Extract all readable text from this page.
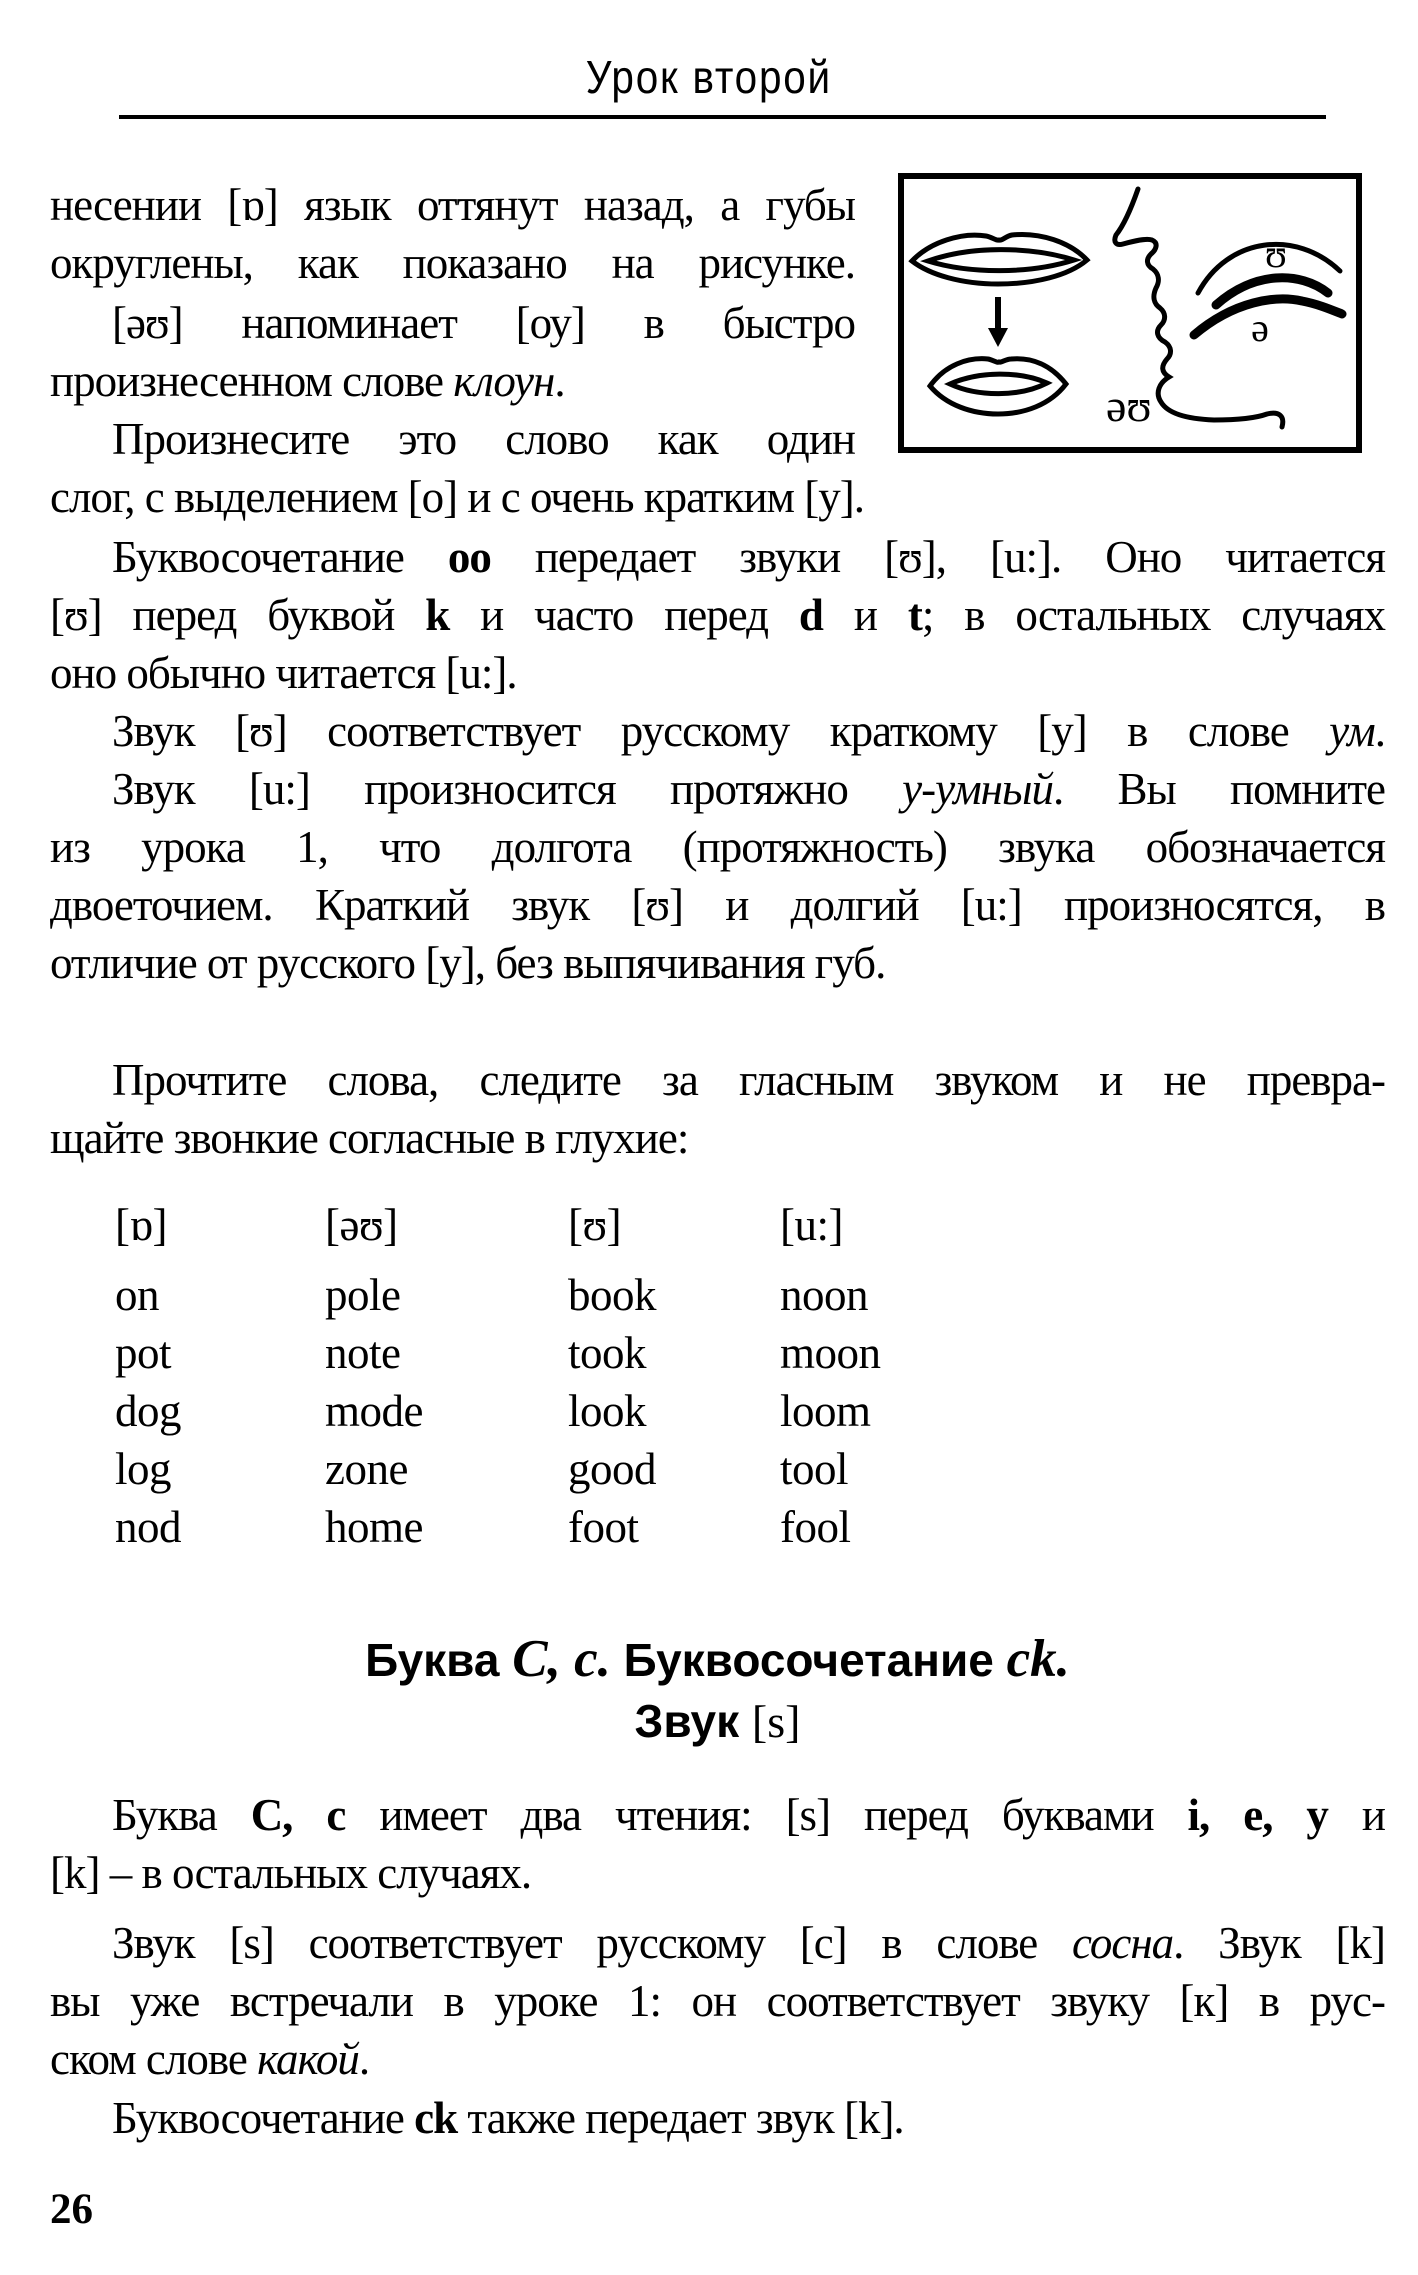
Урок второй
əʊ
ʊ
ə
несении [ɒ] язык оттянут назад, а губы
округлены, как показано на рисунке.
[əʊ] напоминает [оу] в быстро
произнесенном слове клоун.
Произнесите это слово как один
слог, с выделением [о] и с очень кратким [у].
Буквосочетание oo передает звуки [ʊ], [u:]. Оно читается
[ʊ] перед буквой k и часто перед d и t; в остальных случаях
оно обычно читается [u:].
Звук [ʊ] соответствует русскому краткому [у] в слове ум.
Звук [u:] произносится протяжно у-умный. Вы помните
из урока 1, что долгота (протяжность) звука обозначается
двоеточием. Краткий звук [ʊ] и долгий [u:] произносятся, в
отличие от русского [у], без выпячивания губ.
Прочтите слова, следите за гласным звуком и не превра-
щайте звонкие согласные в глухие:
[ɒ]	[əʊ]	[ʊ]	[u:]
on	pole	book	noon
pot	note	took	moon
dog	mode	look	loom
log	zone	good	tool
nod	home	foot	fool
Буква C, c. Буквосочетание ck.
Звук [s]
Буква C, c имеет два чтения: [s] перед буквами i, e, y и
[k] – в остальных случаях.
Звук [s] соответствует русскому [с] в слове сосна. Звук [k]
вы уже встречали в уроке 1: он соответствует звуку [к] в рус-
ском слове какой.
Буквосочетание ck также передает звук [k].
26
